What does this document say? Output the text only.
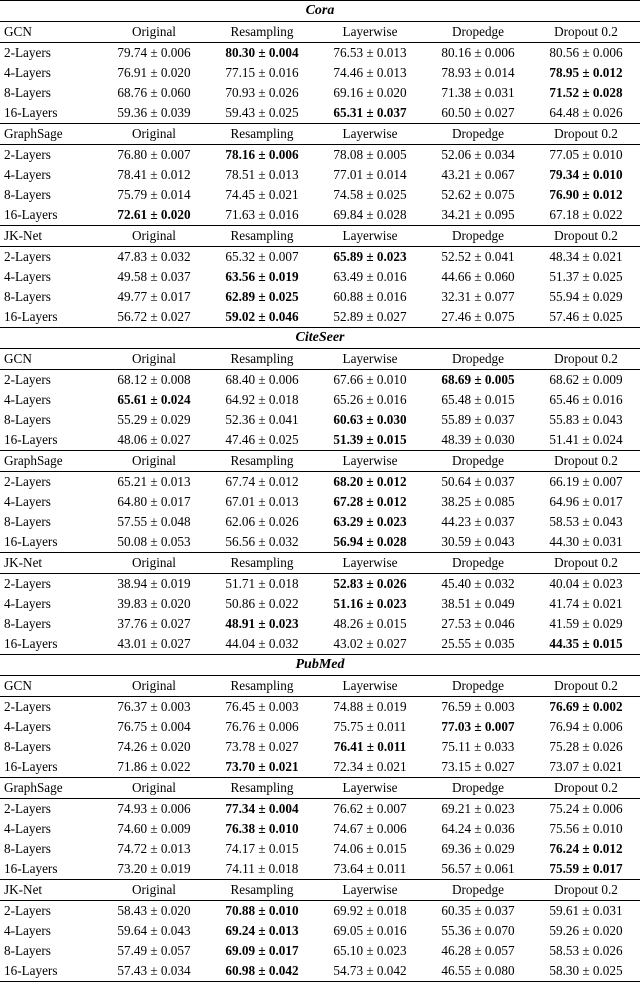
Cora
GCN	Original	Resampling	Layerwise	Dropedge	Dropout 0.2
2-Layers	79.74 ± 0.006	80.30 ± 0.004	76.53 ± 0.013	80.16 ± 0.006	80.56 ± 0.006
4-Layers	76.91 ± 0.020	77.15 ± 0.016	74.46 ± 0.013	78.93 ± 0.014	78.95 ± 0.012
8-Layers	68.76 ± 0.060	70.93 ± 0.026	69.16 ± 0.020	71.38 ± 0.031	71.52 ± 0.028
16-Layers	59.36 ± 0.039	59.43 ± 0.025	65.31 ± 0.037	60.50 ± 0.027	64.48 ± 0.026
GraphSage	Original	Resampling	Layerwise	Dropedge	Dropout 0.2
2-Layers	76.80 ± 0.007	78.16 ± 0.006	78.08 ± 0.005	52.06 ± 0.034	77.05 ± 0.010
4-Layers	78.41 ± 0.012	78.51 ± 0.013	77.01 ± 0.014	43.21 ± 0.067	79.34 ± 0.010
8-Layers	75.79 ± 0.014	74.45 ± 0.021	74.58 ± 0.025	52.62 ± 0.075	76.90 ± 0.012
16-Layers	72.61 ± 0.020	71.63 ± 0.016	69.84 ± 0.028	34.21 ± 0.095	67.18 ± 0.022
JK-Net	Original	Resampling	Layerwise	Dropedge	Dropout 0.2
2-Layers	47.83 ± 0.032	65.32 ± 0.007	65.89 ± 0.023	52.52 ± 0.041	48.34 ± 0.021
4-Layers	49.58 ± 0.037	63.56 ± 0.019	63.49 ± 0.016	44.66 ± 0.060	51.37 ± 0.025
8-Layers	49.77 ± 0.017	62.89 ± 0.025	60.88 ± 0.016	32.31 ± 0.077	55.94 ± 0.029
16-Layers	56.72 ± 0.027	59.02 ± 0.046	52.89 ± 0.027	27.46 ± 0.075	57.46 ± 0.025
CiteSeer
GCN	Original	Resampling	Layerwise	Dropedge	Dropout 0.2
2-Layers	68.12 ± 0.008	68.40 ± 0.006	67.66 ± 0.010	68.69 ± 0.005	68.62 ± 0.009
4-Layers	65.61 ± 0.024	64.92 ± 0.018	65.26 ± 0.016	65.48 ± 0.015	65.46 ± 0.016
8-Layers	55.29 ± 0.029	52.36 ± 0.041	60.63 ± 0.030	55.89 ± 0.037	55.83 ± 0.043
16-Layers	48.06 ± 0.027	47.46 ± 0.025	51.39 ± 0.015	48.39 ± 0.030	51.41 ± 0.024
GraphSage	Original	Resampling	Layerwise	Dropedge	Dropout 0.2
2-Layers	65.21 ± 0.013	67.74 ± 0.012	68.20 ± 0.012	50.64 ± 0.037	66.19 ± 0.007
4-Layers	64.80 ± 0.017	67.01 ± 0.013	67.28 ± 0.012	38.25 ± 0.085	64.96 ± 0.017
8-Layers	57.55 ± 0.048	62.06 ± 0.026	63.29 ± 0.023	44.23 ± 0.037	58.53 ± 0.043
16-Layers	50.08 ± 0.053	56.56 ± 0.032	56.94 ± 0.028	30.59 ± 0.043	44.30 ± 0.031
JK-Net	Original	Resampling	Layerwise	Dropedge	Dropout 0.2
2-Layers	38.94 ± 0.019	51.71 ± 0.018	52.83 ± 0.026	45.40 ± 0.032	40.04 ± 0.023
4-Layers	39.83 ± 0.020	50.86 ± 0.022	51.16 ± 0.023	38.51 ± 0.049	41.74 ± 0.021
8-Layers	37.76 ± 0.027	48.91 ± 0.023	48.26 ± 0.015	27.53 ± 0.046	41.59 ± 0.029
16-Layers	43.01 ± 0.027	44.04 ± 0.032	43.02 ± 0.027	25.55 ± 0.035	44.35 ± 0.015
PubMed
GCN	Original	Resampling	Layerwise	Dropedge	Dropout 0.2
2-Layers	76.37 ± 0.003	76.45 ± 0.003	74.88 ± 0.019	76.59 ± 0.003	76.69 ± 0.002
4-Layers	76.75 ± 0.004	76.76 ± 0.006	75.75 ± 0.011	77.03 ± 0.007	76.94 ± 0.006
8-Layers	74.26 ± 0.020	73.78 ± 0.027	76.41 ± 0.011	75.11 ± 0.033	75.28 ± 0.026
16-Layers	71.86 ± 0.022	73.70 ± 0.021	72.34 ± 0.021	73.15 ± 0.027	73.07 ± 0.021
GraphSage	Original	Resampling	Layerwise	Dropedge	Dropout 0.2
2-Layers	74.93 ± 0.006	77.34 ± 0.004	76.62 ± 0.007	69.21 ± 0.023	75.24 ± 0.006
4-Layers	74.60 ± 0.009	76.38 ± 0.010	74.67 ± 0.006	64.24 ± 0.036	75.56 ± 0.010
8-Layers	74.72 ± 0.013	74.17 ± 0.015	74.06 ± 0.015	69.36 ± 0.029	76.24 ± 0.012
16-Layers	73.20 ± 0.019	74.11 ± 0.018	73.64 ± 0.011	56.57 ± 0.061	75.59 ± 0.017
JK-Net	Original	Resampling	Layerwise	Dropedge	Dropout 0.2
2-Layers	58.43 ± 0.020	70.88 ± 0.010	69.92 ± 0.018	60.35 ± 0.037	59.61 ± 0.031
4-Layers	59.64 ± 0.043	69.24 ± 0.013	69.05 ± 0.016	55.36 ± 0.070	59.26 ± 0.020
8-Layers	57.49 ± 0.057	69.09 ± 0.017	65.10 ± 0.023	46.28 ± 0.057	58.53 ± 0.026
16-Layers	57.43 ± 0.034	60.98 ± 0.042	54.73 ± 0.042	46.55 ± 0.080	58.30 ± 0.025
